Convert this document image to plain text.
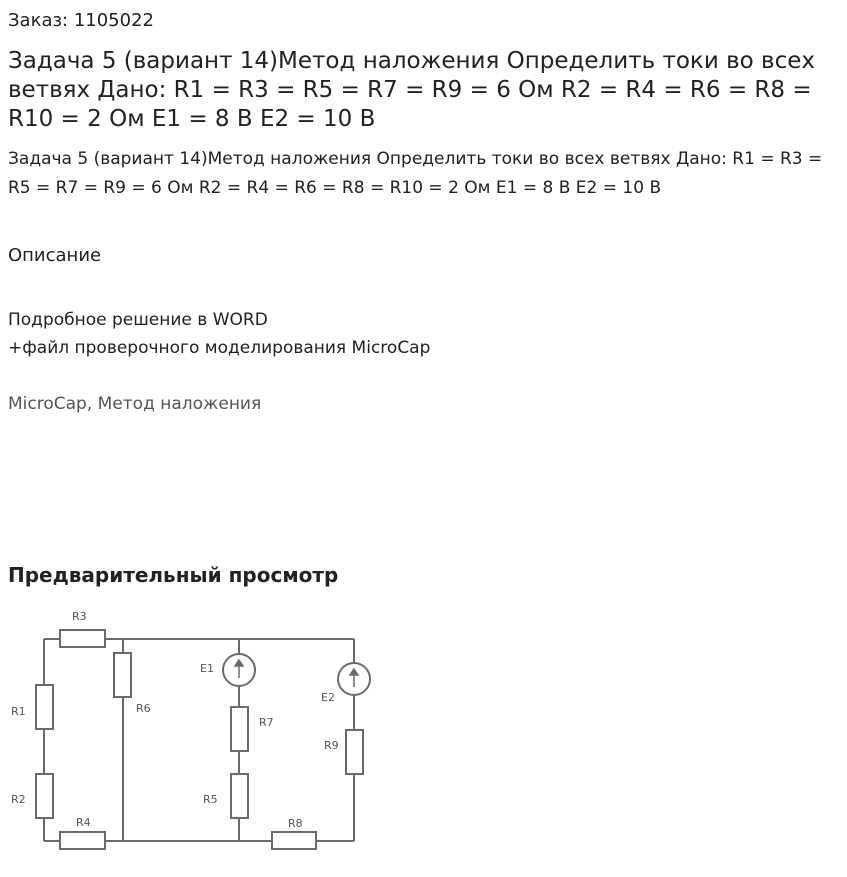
Заказ: 1105022
Задача 5 (вариант 14)Метод наложения Определить токи во всех ветвях Дано: R1 = R3 = R5 = R7 = R9 = 6 Ом R2 = R4 = R6 = R8 = R10 = 2 Ом Е1 = 8 В Е2 = 10 В
Задача 5 (вариант 14)Метод наложения Определить токи во всех ветвях Дано: R1 = R3 = R5 = R7 = R9 = 6 Ом R2 = R4 = R6 = R8 = R10 = 2 Ом Е1 = 8 В Е2 = 10 В
Описание
Подробное решение в WORD
+файл проверочного моделирования MicroCap
MicroCap, Метод наложения
Предварительный просмотр
R3
R1
R2
R4
R6
E1
R7
R5
R8
E2
R9
